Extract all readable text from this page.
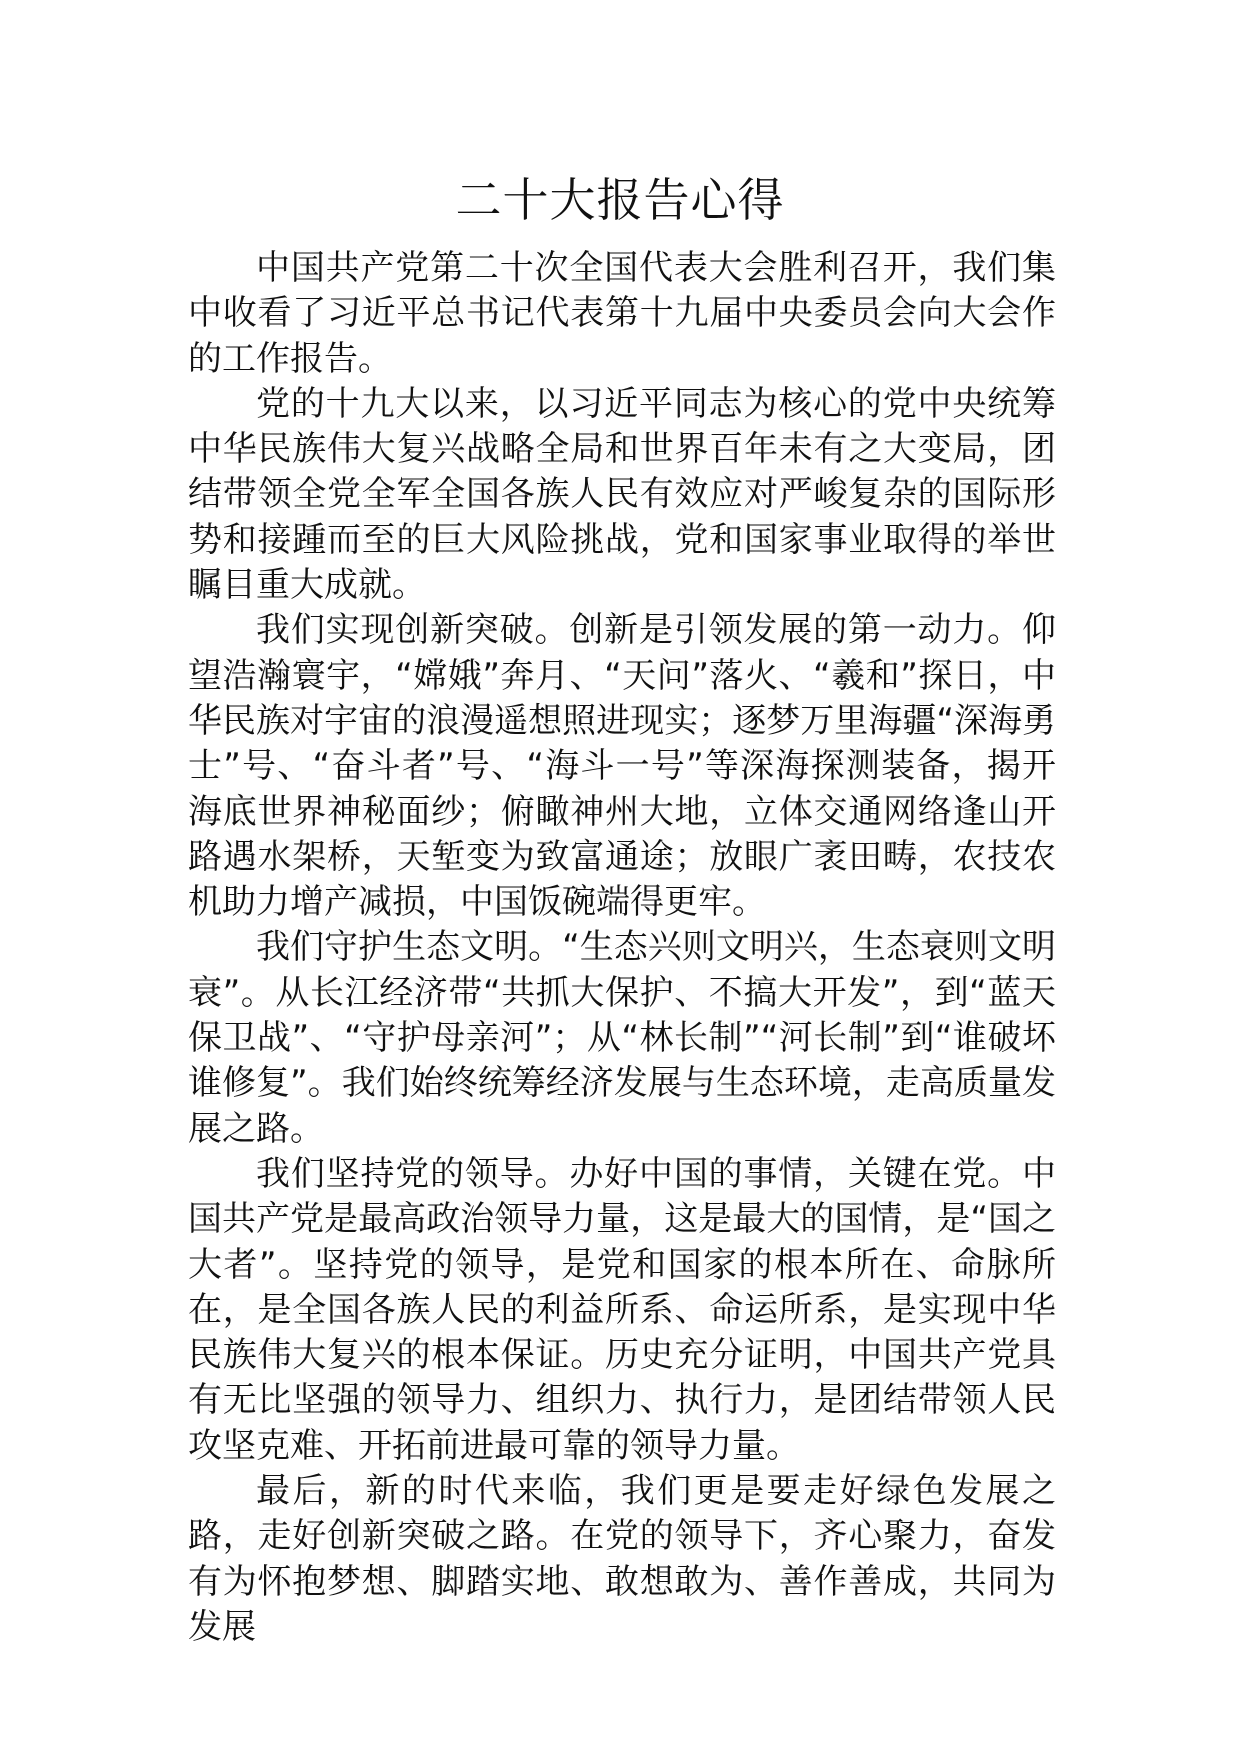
二十大报告心得

中国共产党第二十次全国代表大会胜利召开，我们集中收看了习近平总书记代表第十九届中央委员会向大会作的工作报告。

党的十九大以来，以习近平同志为核心的党中央统筹中华民族伟大复兴战略全局和世界百年未有之大变局，团结带领全党全军全国各族人民有效应对严峻复杂的国际形势和接踵而至的巨大风险挑战，党和国家事业取得的举世瞩目重大成就。

我们实现创新突破。创新是引领发展的第一动力。仰望浩瀚寰宇，“嫦娥”奔月、“天问”落火、“羲和”探日，中华民族对宇宙的浪漫遥想照进现实；逐梦万里海疆“深海勇士”号、“奋斗者”号、“海斗一号”等深海探测装备，揭开海底世界神秘面纱；俯瞰神州大地，立体交通网络逢山开路遇水架桥，天堑变为致富通途；放眼广袤田畴，农技农机助力增产减损，中国饭碗端得更牢。

我们守护生态文明。“生态兴则文明兴，生态衰则文明衰”。从长江经济带“共抓大保护、不搞大开发”，到“蓝天保卫战”、“守护母亲河”；从“林长制”“河长制”到“谁破坏谁修复”。我们始终统筹经济发展与生态环境，走高质量发展之路。

我们坚持党的领导。办好中国的事情，关键在党。中国共产党是最高政治领导力量，这是最大的国情，是“国之大者”。坚持党的领导，是党和国家的根本所在、命脉所在，是全国各族人民的利益所系、命运所系，是实现中华民族伟大复兴的根本保证。历史充分证明，中国共产党具有无比坚强的领导力、组织力、执行力，是团结带领人民攻坚克难、开拓前进最可靠的领导力量。

最后，新的时代来临，我们更是要走好绿色发展之路，走好创新突破之路。在党的领导下，齐心聚力，奋发有为怀抱梦想、脚踏实地、敢想敢为、善作善成，共同为发展
